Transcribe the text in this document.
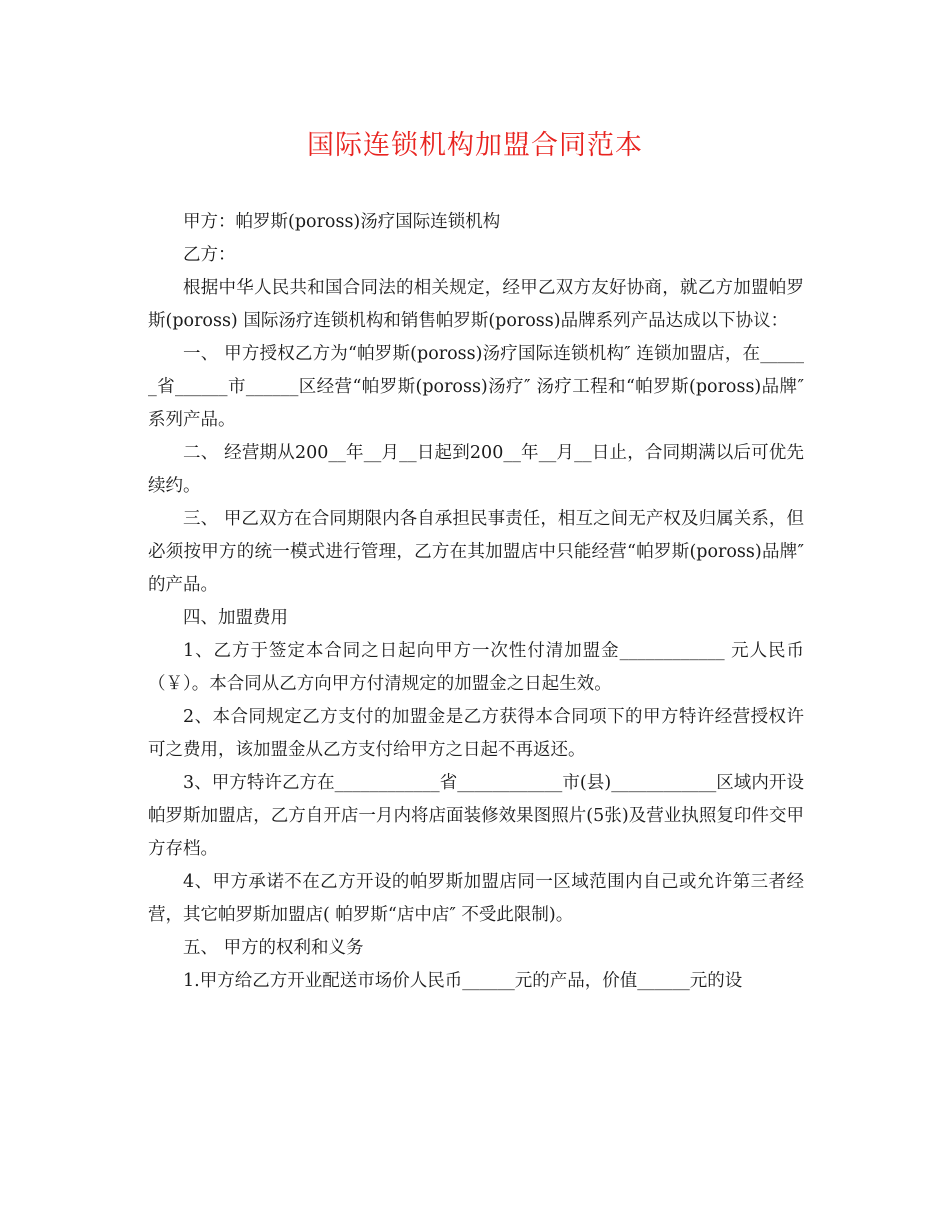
国际连锁机构加盟合同范本

甲方：帕罗斯(poross)汤疗国际连锁机构

乙方：

根据中华人民共和国合同法的相关规定，经甲乙双方友好协商，就乙方加盟帕罗斯(poross) 国际汤疗连锁机构和销售帕罗斯(poross)品牌系列产品达成以下协议：

一、 甲方授权乙方为“帕罗斯(poross)汤疗国际连锁机构″ 连锁加盟店，在______省______市______区经营“帕罗斯(poross)汤疗″ 汤疗工程和“帕罗斯(poross)品牌″ 系列产品。

二、 经营期从200__年__月__日起到200__年__月__日止，合同期满以后可优先续约。

三、 甲乙双方在合同期限内各自承担民事责任，相互之间无产权及归属关系，但必须按甲方的统一模式进行管理，乙方在其加盟店中只能经营“帕罗斯(poross)品牌″ 的产品。

四、加盟费用

1、乙方于签定本合同之日起向甲方一次性付清加盟金____________ 元人民币（￥）。本合同从乙方向甲方付清规定的加盟金之日起生效。

2、本合同规定乙方支付的加盟金是乙方获得本合同项下的甲方特许经营授权许可之费用，该加盟金从乙方支付给甲方之日起不再返还。

3、甲方特许乙方在____________省____________市(县)____________区域内开设帕罗斯加盟店，乙方自开店一月内将店面装修效果图照片(5张)及营业执照复印件交甲方存档。

4、甲方承诺不在乙方开设的帕罗斯加盟店同一区域范围内自己或允许第三者经营，其它帕罗斯加盟店( 帕罗斯“店中店″ 不受此限制)。

五、 甲方的权利和义务

1.甲方给乙方开业配送市场价人民币______元的产品，价值______元的设
